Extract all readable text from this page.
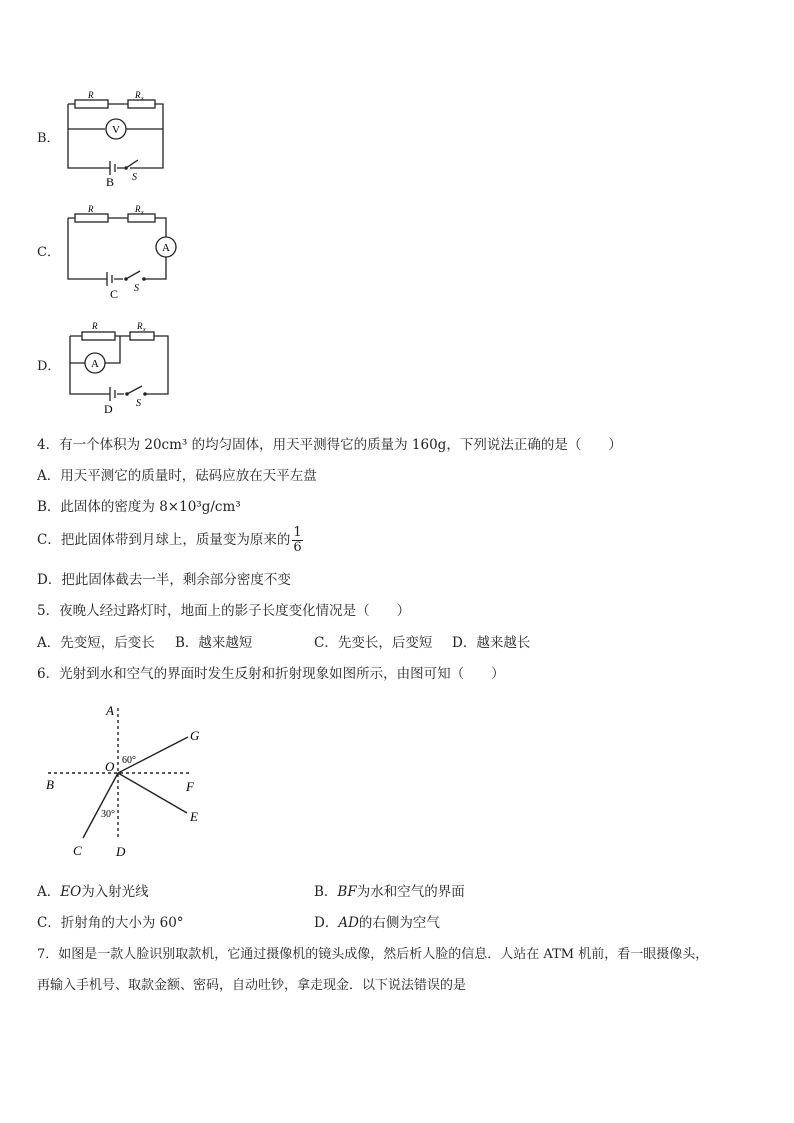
B．
R	R x
V
B S
C．
R	R x
A
C S
D．
R	R x
A
D S
4．有一个体积为 20cm³ 的均匀固体，用天平测得它的质量为 160g，下列说法正确的是（　　）
A．用天平测它的质量时，砝码应放在天平左盘
B．此固体的密度为 8×10³g/cm³
C．把此固体带到月球上，质量变为原来的 $\frac{1}{6}$
D．把此固体截去一半，剩余部分密度不变
5．夜晚人经过路灯时，地面上的影子长度变化情况是（　　）
A．先变短，后变长 B．越来越短	C．先变长，后变短 D．越来越长
6．光射到水和空气的界面时发生反射和折射现象如图所示，由图可知（　　）
A
B
C	D
E
F
G
O 60°
30°
A．EO为入射光线	B．BF为水和空气的界面
C．折射角的大小为 60°	D．AD的右侧为空气
7．如图是一款人脸识别取款机，它通过摄像机的镜头成像，然后析人脸的信息．人站在 ATM 机前，看一眼摄像头，
再输入手机号、取款金额、密码，自动吐钞，拿走现金．以下说法错误的是
